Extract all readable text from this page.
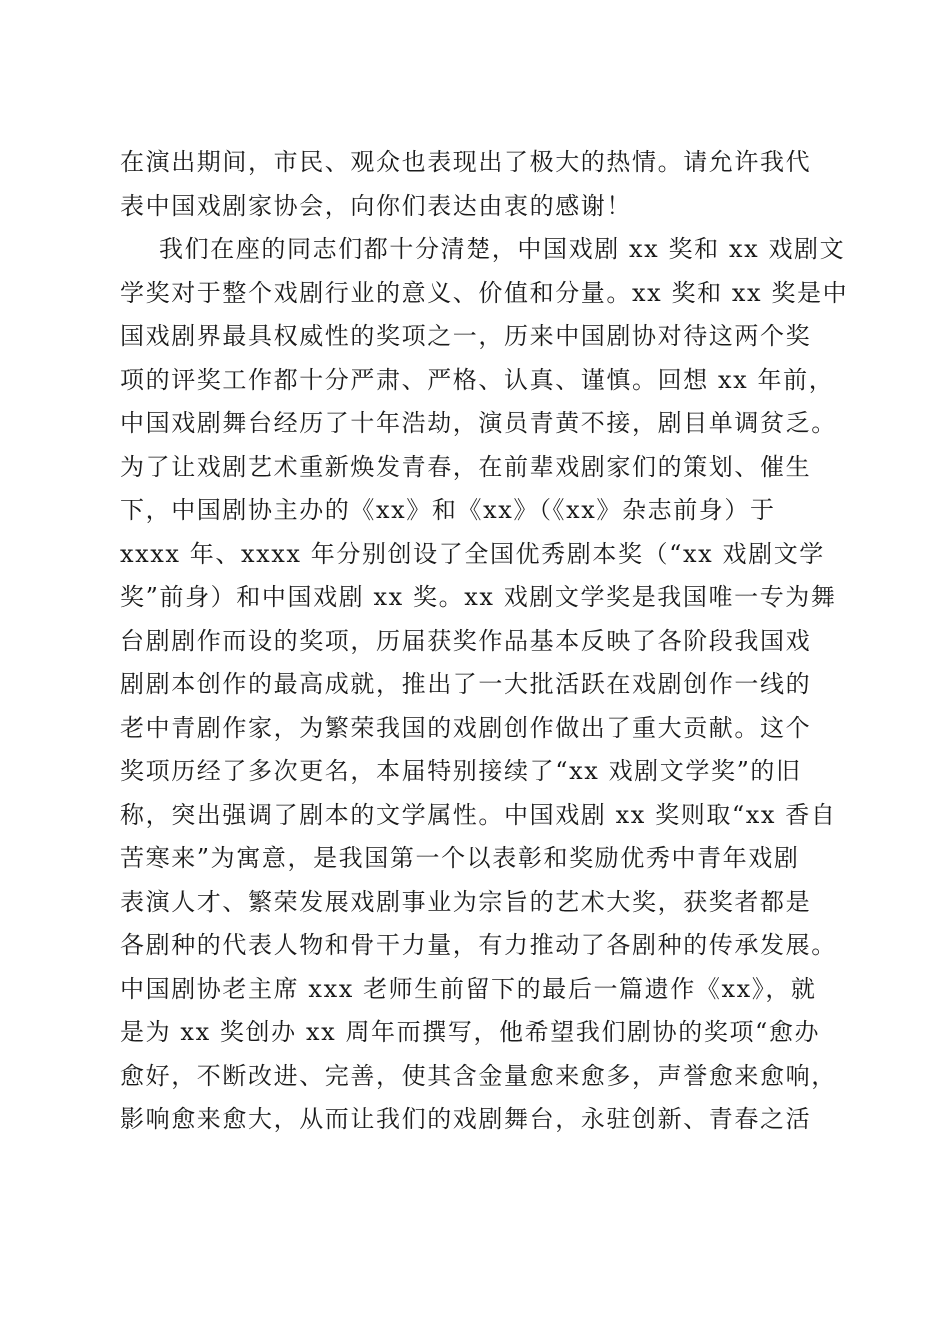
在演出期间，市民、观众也表现出了极大的热情。请允许我代
表中国戏剧家协会，向你们表达由衷的感谢！
我们在座的同志们都十分清楚，中国戏剧 xx 奖和 xx 戏剧文
学奖对于整个戏剧行业的意义、价值和分量。xx 奖和 xx 奖是中
国戏剧界最具权威性的奖项之一，历来中国剧协对待这两个奖
项的评奖工作都十分严肃、严格、认真、谨慎。回想 xx 年前，
中国戏剧舞台经历了十年浩劫，演员青黄不接，剧目单调贫乏。
为了让戏剧艺术重新焕发青春，在前辈戏剧家们的策划、催生
下，中国剧协主办的《xx》和《xx》（《xx》杂志前身）于
xxxx 年、xxxx 年分别创设了全国优秀剧本奖（“xx 戏剧文学
奖”前身）和中国戏剧 xx 奖。xx 戏剧文学奖是我国唯一专为舞
台剧剧作而设的奖项，历届获奖作品基本反映了各阶段我国戏
剧剧本创作的最高成就，推出了一大批活跃在戏剧创作一线的
老中青剧作家，为繁荣我国的戏剧创作做出了重大贡献。这个
奖项历经了多次更名，本届特别接续了“xx 戏剧文学奖”的旧
称，突出强调了剧本的文学属性。中国戏剧 xx 奖则取“xx 香自
苦寒来”为寓意，是我国第一个以表彰和奖励优秀中青年戏剧
表演人才、繁荣发展戏剧事业为宗旨的艺术大奖，获奖者都是
各剧种的代表人物和骨干力量，有力推动了各剧种的传承发展。
中国剧协老主席 xxx 老师生前留下的最后一篇遗作《xx》，就
是为 xx 奖创办 xx 周年而撰写，他希望我们剧协的奖项“愈办
愈好，不断改进、完善，使其含金量愈来愈多，声誉愈来愈响，
影响愈来愈大，从而让我们的戏剧舞台，永驻创新、青春之活
